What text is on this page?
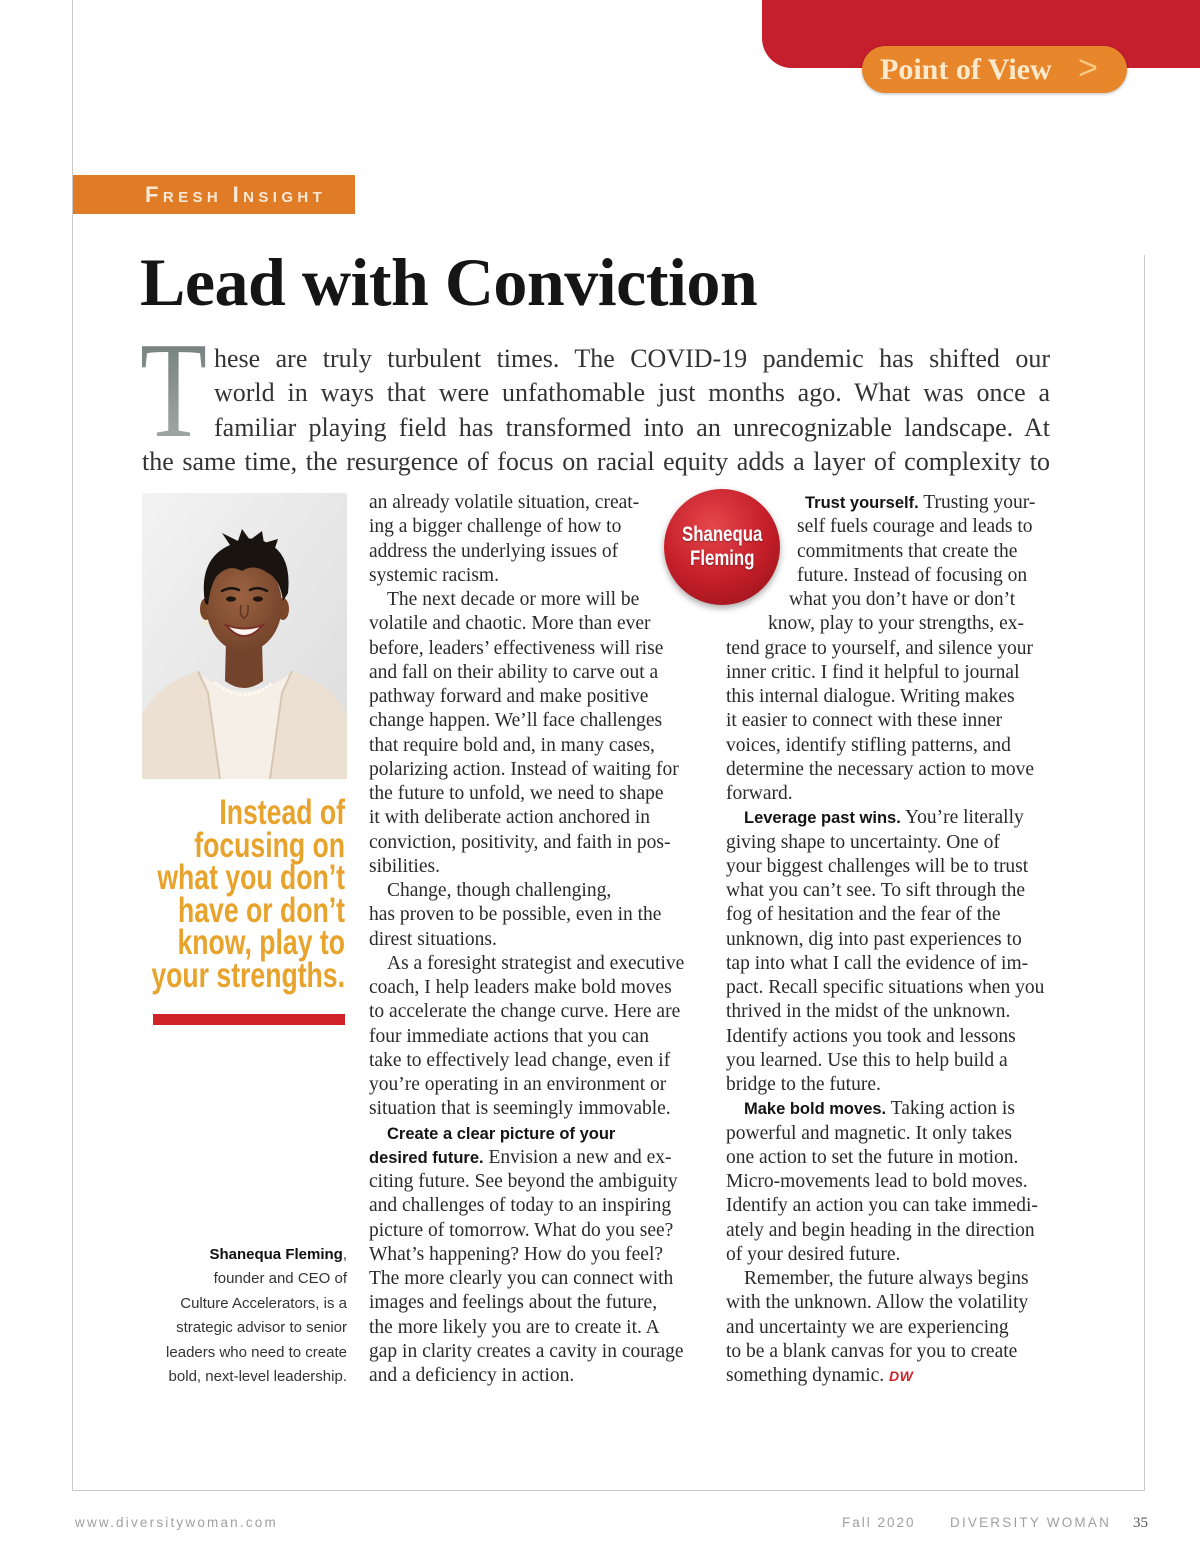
Point of View >
Fresh Insight
Lead with Conviction
T hese are truly turbulent times. The COVID-19 pandemic has shifted our
world in ways that were unfathomable just months ago. What was once a
familiar playing field has transformed into an unrecognizable landscape. At
the same time, the resurgence of focus on racial equity adds a layer of complexity to
Instead of
focusing on
what you don’t
have or don’t
know, play to
your strengths.
Shanequa Fleming,
founder and CEO of
Culture Accelerators, is a
strategic advisor to senior
leaders who need to create
bold, next-level leadership.
an already volatile situation, creat-
ing a bigger challenge of how to
address the underlying issues of
systemic racism.
The next decade or more will be
volatile and chaotic. More than ever
before, leaders’ effectiveness will rise
and fall on their ability to carve out a
pathway forward and make positive
change happen. We’ll face challenges
that require bold and, in many cases,
polarizing action. Instead of waiting for
the future to unfold, we need to shape
it with deliberate action anchored in
conviction, positivity, and faith in pos-
sibilities.
Change, though challenging,
has proven to be possible, even in the
direst situations.
As a foresight strategist and executive
coach, I help leaders make bold moves
to accelerate the change curve. Here are
four immediate actions that you can
take to effectively lead change, even if
you’re operating in an environment or
situation that is seemingly immovable.
Create a clear picture of your
desired future. Envision a new and ex-
citing future. See beyond the ambiguity
and challenges of today to an inspiring
picture of tomorrow. What do you see?
What’s happening? How do you feel?
The more clearly you can connect with
images and feelings about the future,
the more likely you are to create it. A
gap in clarity creates a cavity in courage
and a deficiency in action.
Trust yourself. Trusting your-
self fuels courage and leads to
commitments that create the
future. Instead of focusing on
what you don’t have or don’t
know, play to your strengths, ex-
tend grace to yourself, and silence your
inner critic. I find it helpful to journal
this internal dialogue. Writing makes
it easier to connect with these inner
voices, identify stifling patterns, and
determine the necessary action to move
forward.
Leverage past wins. You’re literally
giving shape to uncertainty. One of
your biggest challenges will be to trust
what you can’t see. To sift through the
fog of hesitation and the fear of the
unknown, dig into past experiences to
tap into what I call the evidence of im-
pact. Recall specific situations when you
thrived in the midst of the unknown.
Identify actions you took and lessons
you learned. Use this to help build a
bridge to the future.
Make bold moves. Taking action is
powerful and magnetic. It only takes
one action to set the future in motion.
Micro-movements lead to bold moves.
Identify an action you can take immedi-
ately and begin heading in the direction
of your desired future.
Remember, the future always begins
with the unknown. Allow the volatility
and uncertainty we are experiencing
to be a blank canvas for you to create
something dynamic. DW
Shanequa
Fleming
www.diversitywoman.com	Fall 2020	DIVERSITY WOMAN 35
